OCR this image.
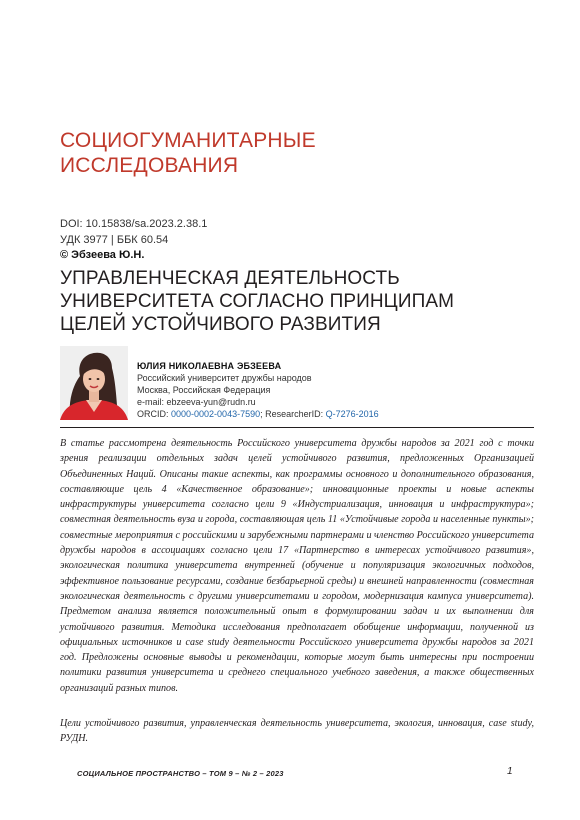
СОЦИОГУМАНИТАРНЫЕ
ИССЛЕДОВАНИЯ
DOI: 10.15838/sa.2023.2.38.1
УДК 3977 | ББК 60.54
© Эбзеева Ю.Н.
УПРАВЛЕНЧЕСКАЯ ДЕЯТЕЛЬНОСТЬ
УНИВЕРСИТЕТА СОГЛАСНО ПРИНЦИПАМ
ЦЕЛЕЙ УСТОЙЧИВОГО РАЗВИТИЯ
ЮЛИЯ НИКОЛАЕВНА ЭБЗЕЕВА
Российский университет дружбы народов
Москва, Российская Федерация
e-mail: ebzeeva-yun@rudn.ru
ORCID: 0000-0002-0043-7590; ResearcherID: Q-7276-2016
В статье рассмотрена деятельность Российского университета дружбы народов за 2021 год с точки зрения реализации отдельных задач целей устойчивого развития, предложенных Организацией Объединенных Наций. Описаны такие аспекты, как программы основного и дополнительного образования, составляющие цель 4 «Качественное образование»; инновационные проекты и новые аспекты инфраструктуры университета согласно цели 9 «Индустриализация, инновация и инфраструктура»; совместная деятельность вуза и города, составляющая цель 11 «Устойчивые города и населенные пункты»; совместные мероприятия с российскими и зарубежными партнерами и членство Российского университета дружбы народов в ассоциациях согласно цели 17 «Партнерство в интересах устойчивого развития», экологическая политика университета внутренней (обучение и популяризация экологичных подходов, эффективное пользование ресурсами, создание безбарьерной среды) и внешней направленности (совместная экологическая деятельность с другими университетами и городом, модернизация кампуса университета). Предметом анализа является положительный опыт в формулировании задач и их выполнении для устойчивого развития. Методика исследования предполагает обобщение информации, полученной из официальных источников и case study деятельности Российского университета дружбы народов за 2021 год. Предложены основные выводы и рекомендации, которые могут быть интересны при построении политики развития университета и среднего специального учебного заведения, а также общественных организаций разных типов.
Цели устойчивого развития, управленческая деятельность университета, экология, инновация, case study, РУДН.
СОЦИАЛЬНОЕ ПРОСТРАНСТВО – ТОМ 9 – № 2 – 2023	1
